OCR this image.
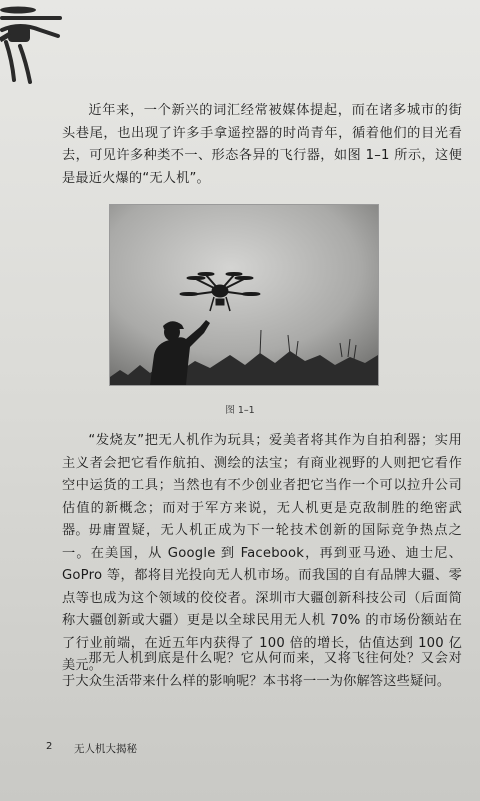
近年来，一个新兴的词汇经常被媒体提起，而在诸多城市的街头巷尾，也出现了许多手拿遥控器的时尚青年，循着他们的目光看去，可见许多种类不一、形态各异的飞行器，如图 1–1 所示，这便是最近火爆的“无人机”。

图 1–1

“发烧友”把无人机作为玩具；爱美者将其作为自拍利器；实用主义者会把它看作航拍、测绘的法宝；有商业视野的人则把它看作空中运货的工具；当然也有不少创业者把它当作一个可以拉升公司估值的新概念；而对于军方来说，无人机更是克敌制胜的绝密武器。 毋庸置疑，无人机正成为下一轮技术创新的国际竞争热点之一。在美国，从 Google 到 Facebook，再到亚马逊、迪士尼、GoPro 等，都将目光投向无人机市场。而我国的自有品牌大疆、零点等也成为这个领域的佼佼者。深圳市大疆创新科技公司（后面简称大疆创新或大疆）更是以全球民用无人机 70% 的市场份额站在了行业前端，在近五年内获得了 100 倍的增长，估值达到 100 亿美元。

那无人机到底是什么呢？它从何而来，又将飞往何处？又会对于大众生活带来什么样的影响呢？本书将一一为你解答这些疑问。

2 无人机大揭秘
